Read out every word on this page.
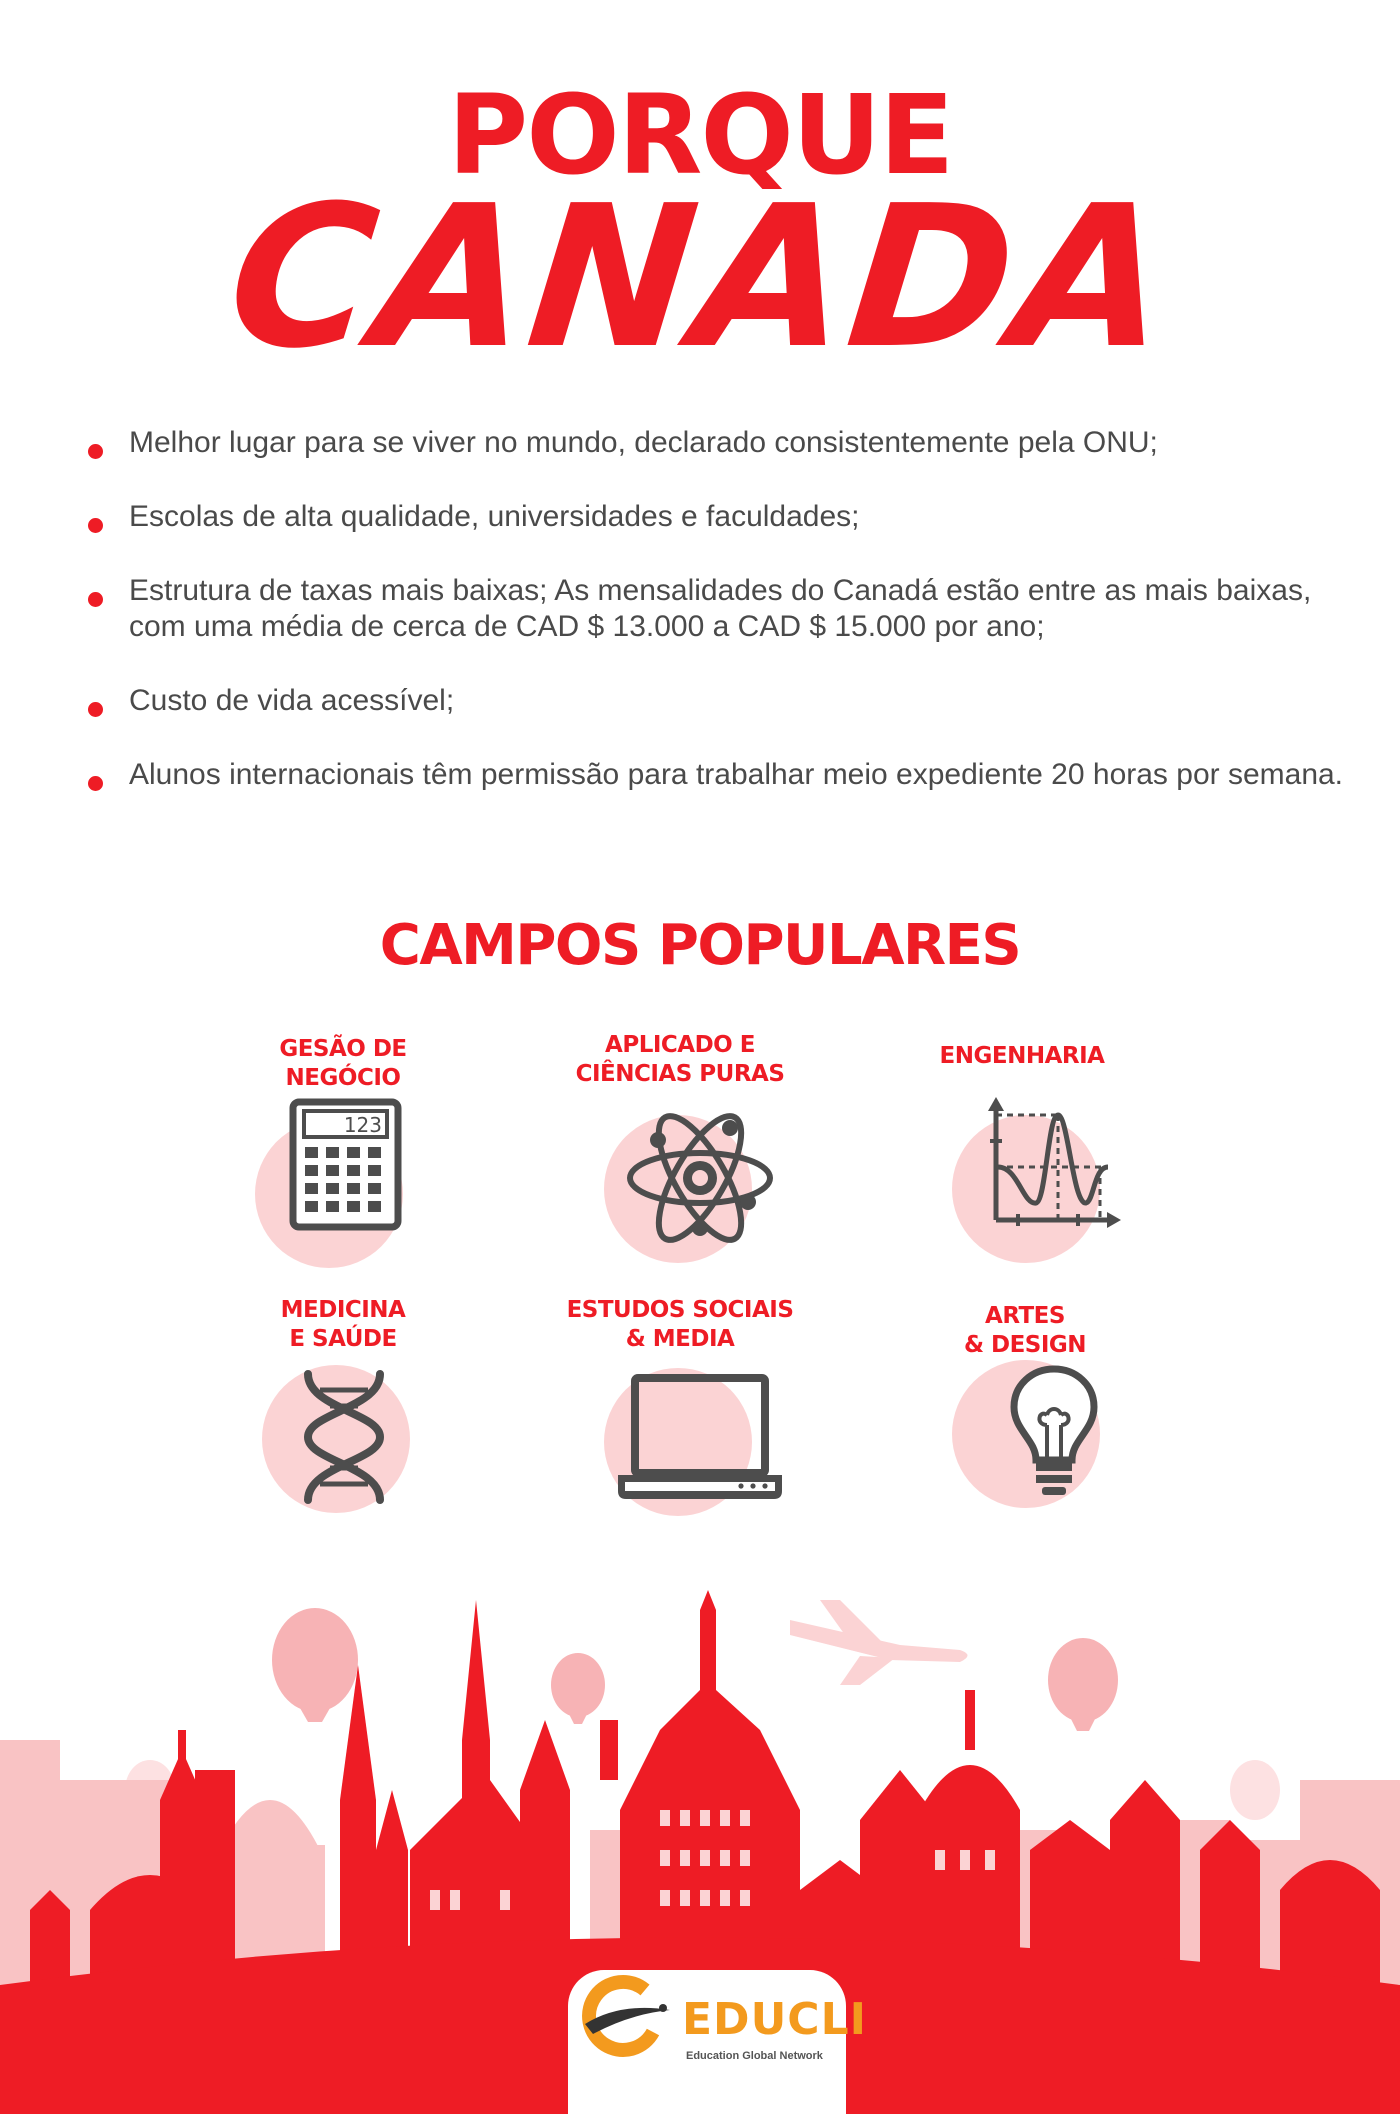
PORQUE
CANADA
Melhor lugar para se viver no mundo, declarado consistentemente pela ONU;
Escolas de alta qualidade, universidades e faculdades;
Estrutura de taxas mais baixas; As mensalidades do Canadá estão entre as mais baixas, com uma média de cerca de CAD $ 13.000 a CAD $ 15.000 por ano;
Custo de vida acessível;
Alunos internacionais têm permissão para trabalhar meio expediente 20 horas por semana.
CAMPOS POPULARES
GESÃO DE
NEGÓCIO
123
APLICADO E
CIÊNCIAS PURAS
ENGENHARIA
MEDICINA
E SAÚDE
ESTUDOS SOCIAIS
& MEDIA
ARTES
& DESIGN
EDUCLI
Education Global Network
